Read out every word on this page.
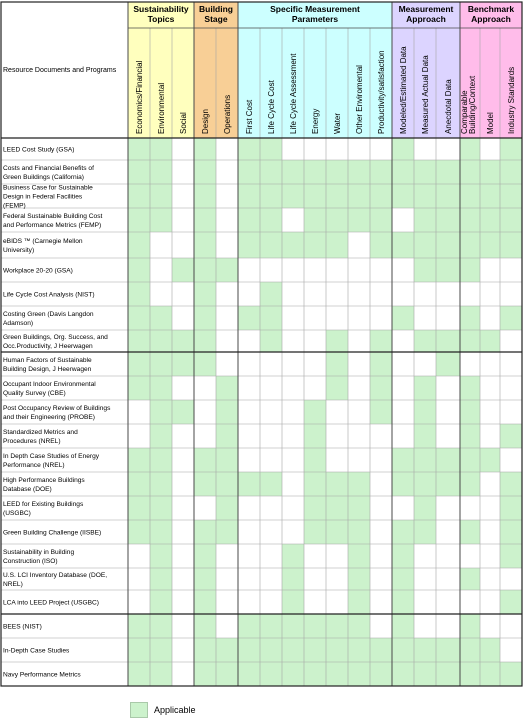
Sustainability Topics
Building Stage
Specific Measurement Parameters
Measurement Approach
Benchmark Approach
Economics/Financial Environmental Social Design Operations First Cost Life Cycle Cost Life Cycle Assessment Energy Water Other Enviromental Productivity/satisfaction Modeled/Estimated Data Measured Actual Data Anecdotal Data Comparable Building/Context Model Industry Standards
Resource Documents and Programs
LEED Cost Study (GSA)
Costs and Financial Benefits of Green Buildings (California)
Business Case for Sustainable Design in Federal Facilities (FEMP)
Federal Sustainable Building Cost and Performance Metrics (FEMP)
eBIDS ™ (Carnegie Mellon University)
Workplace 20-20 (GSA)
Life Cycle Cost Analysis (NIST)
Costing Green (Davis Langdon Adamson)
Green Buildings, Org. Success, and Occ.Productivity, J Heerwagen
Human Factors of Sustainable Building Design, J Heerwagen
Occupant Indoor Environmental Quality Survey (CBE)
Post Occupancy Review of Buildings and their Engineering (PROBE)
Standardized Metrics and Procedures (NREL)
In Depth Case Studies of Energy Performance (NREL)
High Performance Buildings Database (DOE)
LEED for Existing Buildings (USGBC)
Green Building Challenge (IISBE)
Sustainability in Building Construction (ISO)
U.S. LCI Inventory Database (DOE, NREL)
LCA into LEED Project (USGBC)
BEES (NIST)
In-Depth Case Studies
Navy Performance Metrics
Applicable
